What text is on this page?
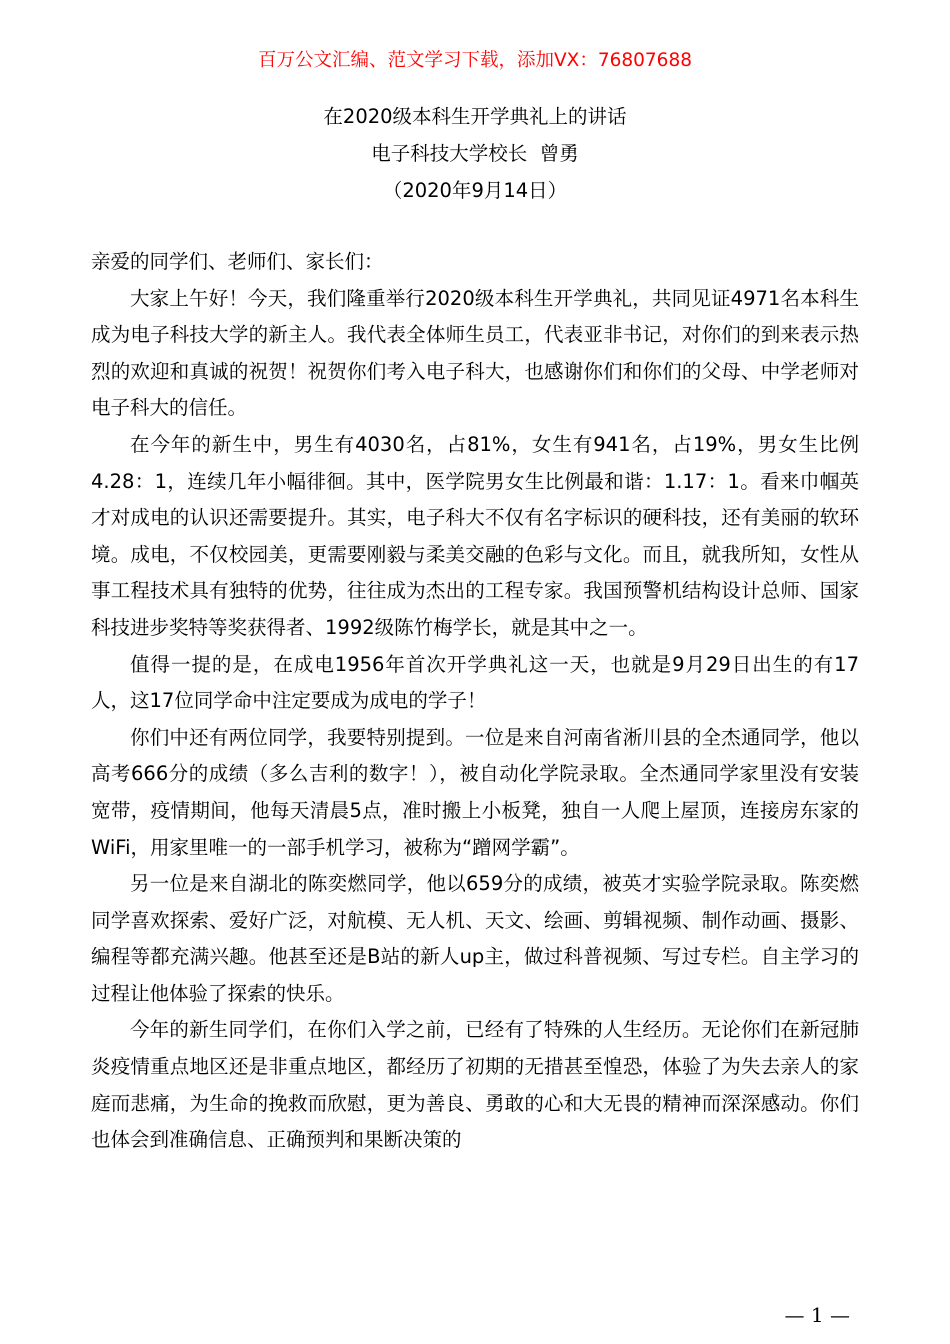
百万公文汇编、范文学习下载，添加VX：76807688
在2020级本科生开学典礼上的讲话
电子科技大学校长  曾勇
（2020年9月14日）

亲爱的同学们、老师们、家长们：

大家上午好！今天，我们隆重举行2020级本科生开学典礼，共同见证4971名本科生成为电子科技大学的新主人。我代表全体师生员工，代表亚非书记，对你们的到来表示热烈的欢迎和真诚的祝贺！祝贺你们考入电子科大，也感谢你们和你们的父母、中学老师对电子科大的信任。

在今年的新生中，男生有4030名，占81%，女生有941名，占19%，男女生比例4.28：1，连续几年小幅徘徊。其中，医学院男女生比例最和谐：1.17：1。看来巾帼英才对成电的认识还需要提升。其实，电子科大不仅有名字标识的硬科技，还有美丽的软环境。成电，不仅校园美，更需要刚毅与柔美交融的色彩与文化。而且，就我所知，女性从事工程技术具有独特的优势，往往成为杰出的工程专家。我国预警机结构设计总师、国家科技进步奖特等奖获得者、1992级陈竹梅学长，就是其中之一。

值得一提的是，在成电1956年首次开学典礼这一天，也就是9月29日出生的有17人，这17位同学命中注定要成为成电的学子！

你们中还有两位同学，我要特别提到。一位是来自河南省淅川县的全杰通同学，他以高考666分的成绩（多么吉利的数字！），被自动化学院录取。全杰通同学家里没有安装宽带，疫情期间，他每天清晨5点，准时搬上小板凳，独自一人爬上屋顶，连接房东家的WiFi，用家里唯一的一部手机学习，被称为“蹭网学霸”。

另一位是来自湖北的陈奕燃同学，他以659分的成绩，被英才实验学院录取。陈奕燃同学喜欢探索、爱好广泛，对航模、无人机、天文、绘画、剪辑视频、制作动画、摄影、编程等都充满兴趣。他甚至还是B站的新人up主，做过科普视频、写过专栏。自主学习的过程让他体验了探索的快乐。

今年的新生同学们，在你们入学之前，已经有了特殊的人生经历。无论你们在新冠肺炎疫情重点地区还是非重点地区，都经历了初期的无措甚至惶恐，体验了为失去亲人的家庭而悲痛，为生命的挽救而欣慰，更为善良、勇敢的心和大无畏的精神而深深感动。你们也体会到准确信息、正确预判和果断决策的

— 1 —
